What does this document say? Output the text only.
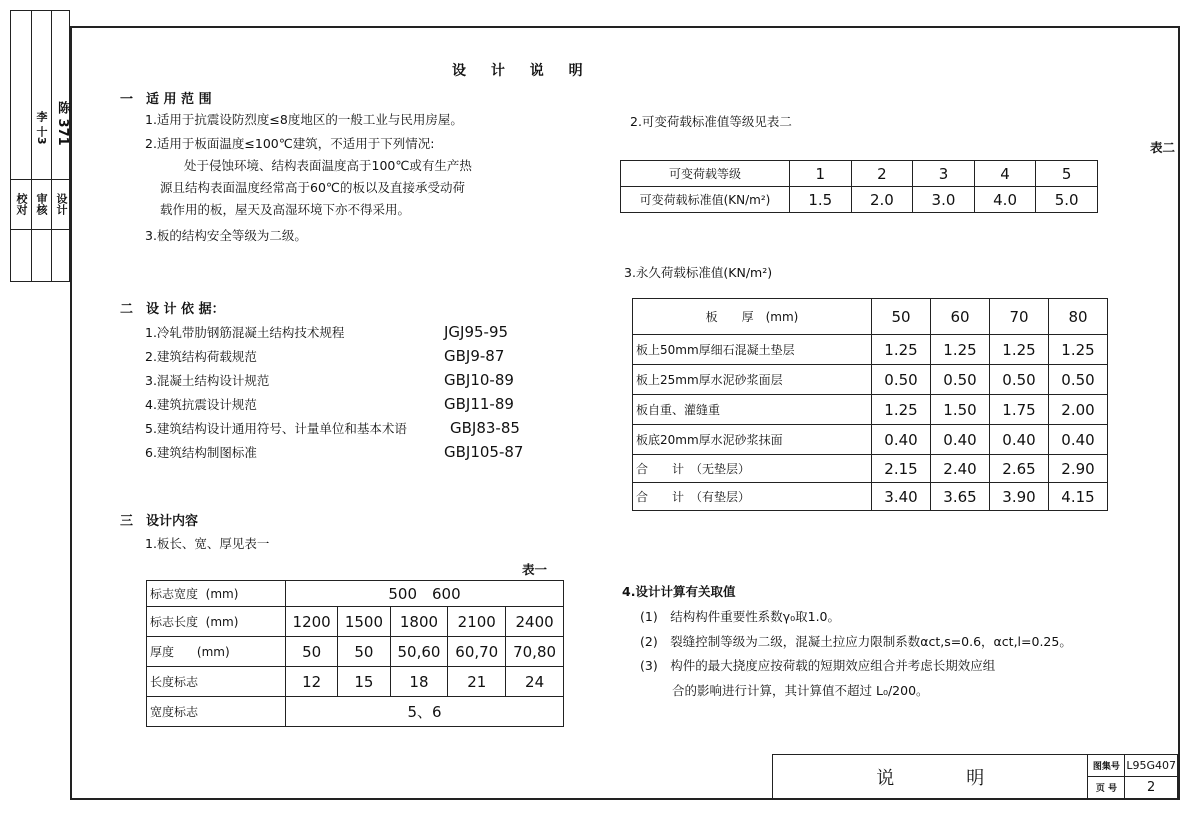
李 十3 陈 371
审核
校对 设计
设 计 说 明
一　适 用 范 围
1.适用于抗震设防烈度≤8度地区的一般工业与民用房屋。
2.适用于板面温度≤100℃建筑，不适用于下列情况:
处于侵蚀环境、结构表面温度高于100℃或有生产热
源且结构表面温度经常高于60℃的板以及直接承受动荷
载作用的板，屋天及高湿环境下亦不得采用。
3.板的结构安全等级为二级。
二　设 计 依 据：
1.冷轧带肋钢筋混凝土结构技术规程	JGJ95-95
2.建筑结构荷载规范	GBJ9-87
3.混凝土结构设计规范	GBJ10-89
4.建筑抗震设计规范	GBJ11-89
5.建筑结构设计通用符号、计量单位和基本术语	GBJ83-85
6.建筑结构制图标准	GBJ105-87
三　设计内容
1.板长、宽、厚见表一
表一
标志宽度 (mm)	500　600				
标志长度 (mm)	1200	1500	1800	2100	2400
厚度 (mm)	50	50	50,60	60,70	70,80
长度标志	12	15	18	21	24
宽度标志	5、6				
2.可变荷载标准值等级见表二
表二
可变荷载等级	1	2	3	4	5
可变荷载标准值(KN/m²)	1.5	2.0	3.0	4.0	5.0
3.永久荷载标准值(KN/m²)
板　　厚　(mm)	50	60	70	80
板上50mm厚细石混凝土垫层	1.25	1.25	1.25	1.25
板上25mm厚水泥砂浆面层	0.50	0.50	0.50	0.50
板自重、灌缝重	1.25	1.50	1.75	2.00
板底20mm厚水泥砂浆抹面	0.40	0.40	0.40	0.40
合　　计　（无垫层）	2.15	2.40	2.65	2.90
合　　计　（有垫层）	3.40	3.65	3.90	4.15
4.设计计算有关取值
(1)　结构构件重要性系数γ₀取1.0。
(2)　裂缝控制等级为二级，混凝土拉应力限制系数αct,s=0.6，αct,l=0.25。
(3)　构件的最大挠度应按荷载的短期效应组合并考虑长期效应组
合的影响进行计算，其计算值不超过 L₀/200。
说　　　　明	图集号	L95G407
	页 号	2
